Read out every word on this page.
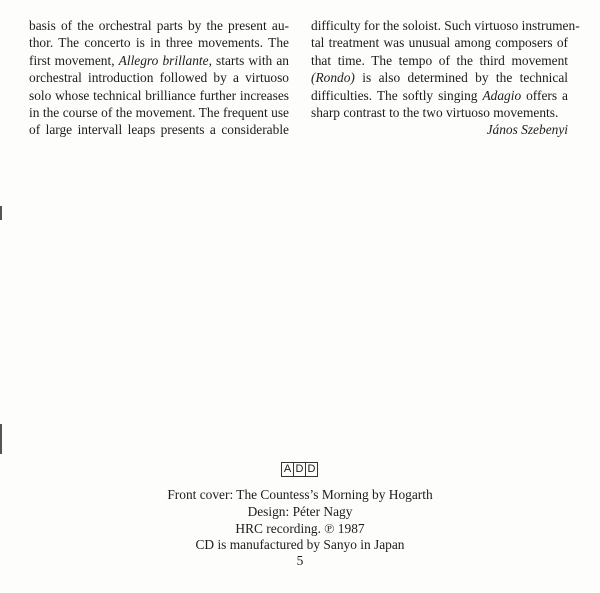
basis of the orchestral parts by the present au-
thor. The concerto is in three movements. The
first movement, Allegro brillante, starts with an
orchestral introduction followed by a virtuoso
solo whose technical brilliance further increases
in the course of the movement. The frequent use
of large intervall leaps presents a considerable
difficulty for the soloist. Such virtuoso instrumen-
tal treatment was unusual among composers of
that time. The tempo of the third movement
(Rondo) is also determined by the technical
difficulties. The softly singing Adagio offers a
sharp contrast to the two virtuoso movements.
János Szebenyi
A D D
Front cover: The Countess’s Morning by Hogarth
Design: Péter Nagy
HRC recording. ℗ 1987
CD is manufactured by Sanyo in Japan
5
